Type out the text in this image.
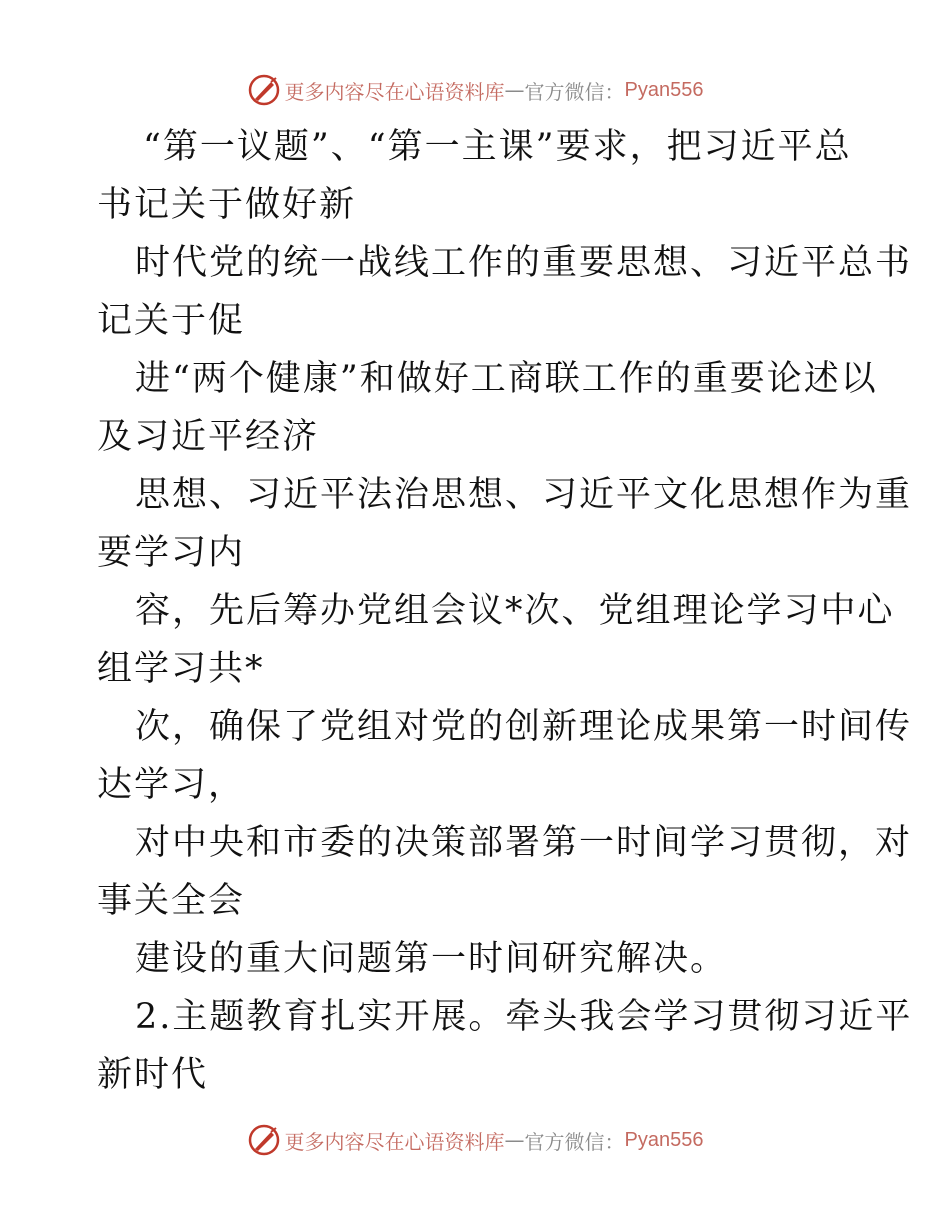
更多内容尽在心语资料库 — 官方微信： Pyan556
“第一议题”、“第一主课”要求，把习近平总
书记关于做好新
时代党的统一战线工作的重要思想、习近平总书
记关于促
进“两个健康”和做好工商联工作的重要论述以
及习近平经济
思想、习近平法治思想、习近平文化思想作为重
要学习内
容，先后筹办党组会议*次、党组理论学习中心
组学习共*
次，确保了党组对党的创新理论成果第一时间传
达学习，
对中央和市委的决策部署第一时间学习贯彻，对
事关全会
建设的重大问题第一时间研究解决。
2.主题教育扎实开展。牵头我会学习贯彻习近平
新时代
更多内容尽在心语资料库 — 官方微信： Pyan556
